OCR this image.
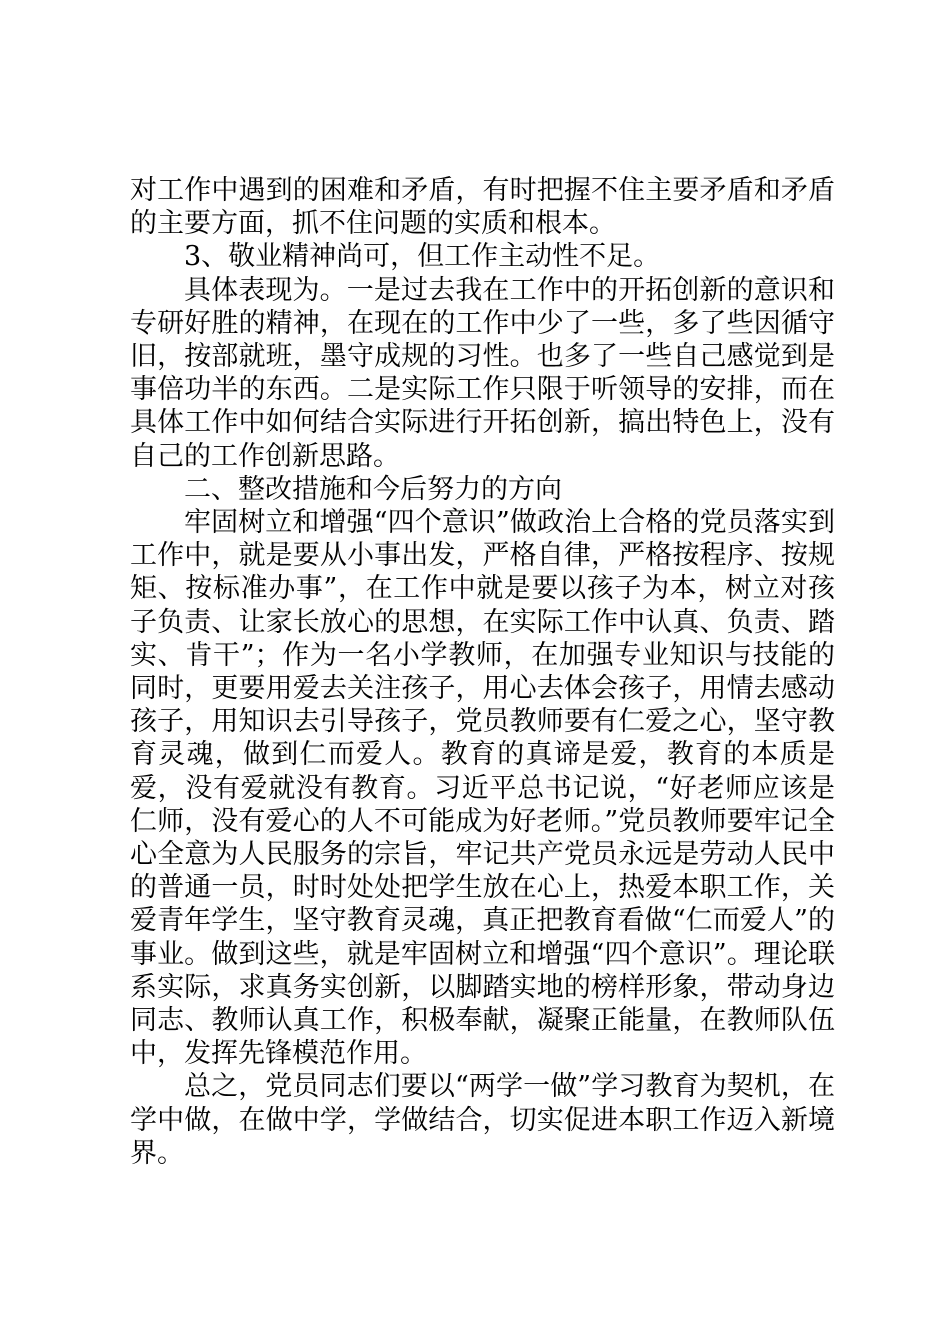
对工作中遇到的困难和矛盾，有时把握不住主要矛盾和矛盾的主要方面，抓不住问题的实质和根本。

3、敬业精神尚可，但工作主动性不足。

具体表现为。一是过去我在工作中的开拓创新的意识和专研好胜的精神，在现在的工作中少了一些，多了些因循守旧，按部就班，墨守成规的习性。也多了一些自己感觉到是事倍功半的东西。二是实际工作只限于听领导的安排，而在具体工作中如何结合实际进行开拓创新，搞出特色上，没有自己的工作创新思路。

二、整改措施和今后努力的方向

牢固树立和增强“四个意识”做政治上合格的党员落实到工作中，就是要从小事出发，严格自律，严格按程序、按规矩、按标准办事”，在工作中就是要以孩子为本，树立对孩子负责、让家长放心的思想，在实际工作中认真、负责、踏实、肯干”；作为一名小学教师，在加强专业知识与技能的同时，更要用爱去关注孩子，用心去体会孩子，用情去感动孩子，用知识去引导孩子，党员教师要有仁爱之心，坚守教育灵魂，做到仁而爱人。教育的真谛是爱，教育的本质是爱，没有爱就没有教育。习近平总书记说，“好老师应该是仁师，没有爱心的人不可能成为好老师。”党员教师要牢记全心全意为人民服务的宗旨，牢记共产党员永远是劳动人民中的普通一员，时时处处把学生放在心上，热爱本职工作，关爱青年学生，坚守教育灵魂，真正把教育看做“仁而爱人”的事业。做到这些，就是牢固树立和增强“四个意识”。理论联系实际，求真务实创新，以脚踏实地的榜样形象，带动身边同志、教师认真工作，积极奉献，凝聚正能量，在教师队伍中，发挥先锋模范作用。

总之，党员同志们要以“两学一做”学习教育为契机，在学中做，在做中学，学做结合，切实促进本职工作迈入新境界。
